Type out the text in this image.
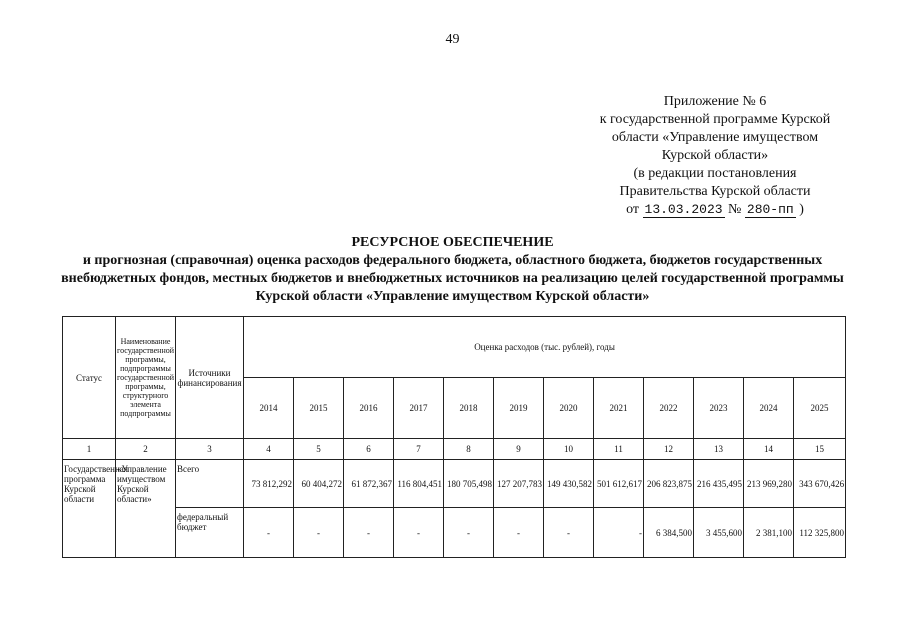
49
Приложение № 6
к государственной программе Курской
области «Управление имуществом
Курской области»
(в редакции постановления
Правительства Курской области
от 13.03.2023 № 280-пп )
РЕСУРСНОЕ ОБЕСПЕЧЕНИЕ
и прогнозная (справочная) оценка расходов федерального бюджета, областного бюджета, бюджетов государственных внебюджетных фондов, местных бюджетов и внебюджетных источников на реализацию целей государственной программы Курской области «Управление имуществом Курской области»
Статус	Наименование государственной программы, подпрограммы государственной программы, структурного элемента подпрограммы	Источники финансирования	Оценка расходов (тыс. рублей), годы											
			2014	2015	2016	2017	2018	2019	2020	2021	2022	2023	2024	2025
1	2	3	4	5	6	7	8	9	10	11	12	13	14	15
Государственная программа Курской области	«Управление имуществом Курской области»	Всего	73 812,292	60 404,272	61 872,367	116 804,451	180 705,498	127 207,783	149 430,582	501 612,617	206 823,875	216 435,495	213 969,280	343 670,426
		федеральный бюджет	-	-	-	-	-	-	-	-	6 384,500	3 455,600	2 381,100	112 325,800
